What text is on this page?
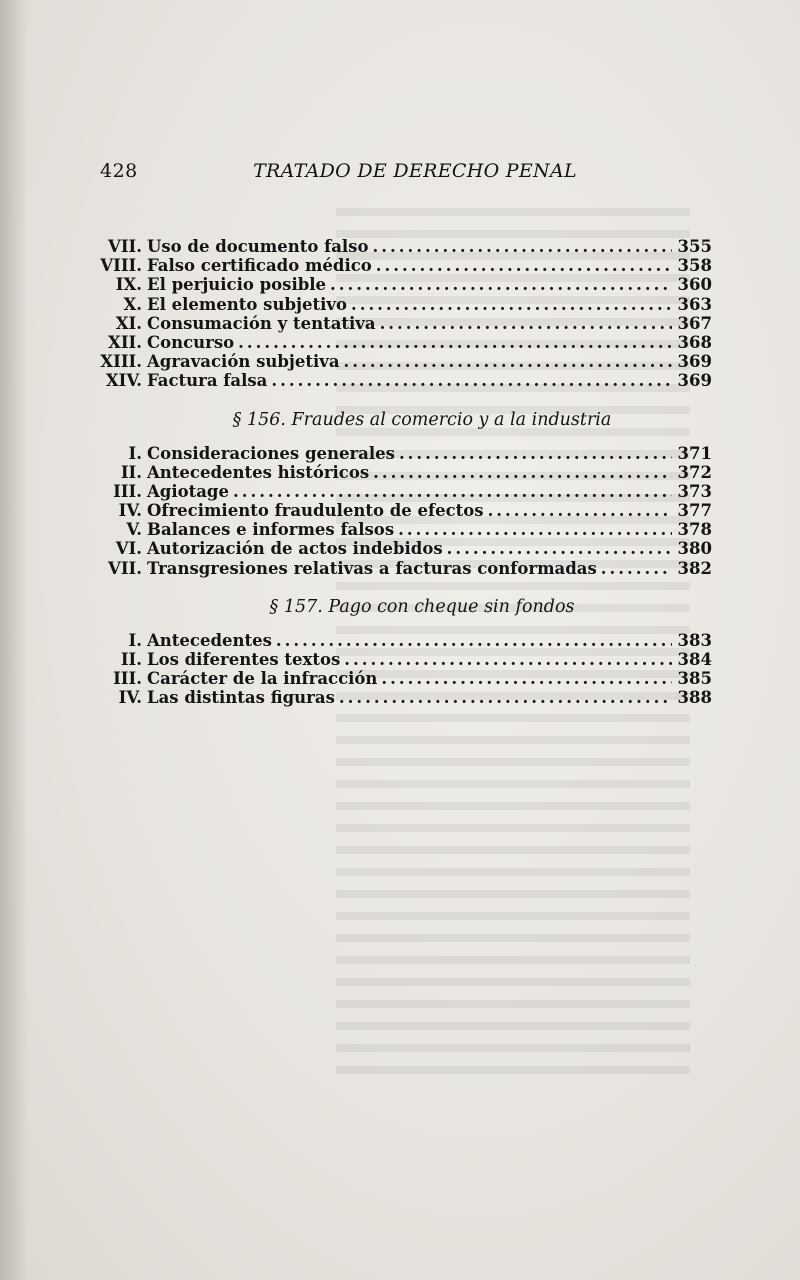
428	TRATADO DE DERECHO PENAL
VII. Uso de documento falso .....	355
VIII. Falso certificado médico .....	358
IX. El perjuicio posible .....	360
X. El elemento subjetivo .....	363
XI. Consumación y tentativa .....	367
XII. Concurso .....	368
XIII. Agravación subjetiva .....	369
XIV. Factura falsa .....	369
§ 156. Fraudes al comercio y a la industria
I. Consideraciones generales .....	371
II. Antecedentes históricos .....	372
III. Agiotage .....	373
IV. Ofrecimiento fraudulento de efectos .....	377
V. Balances e informes falsos .....	378
VI. Autorización de actos indebidos .....	380
VII. Transgresiones relativas a facturas conformadas .....	382
§ 157. Pago con cheque sin fondos
I. Antecedentes .....	383
II. Los diferentes textos .....	384
III. Carácter de la infracción .....	385
IV. Las distintas figuras .....	388
